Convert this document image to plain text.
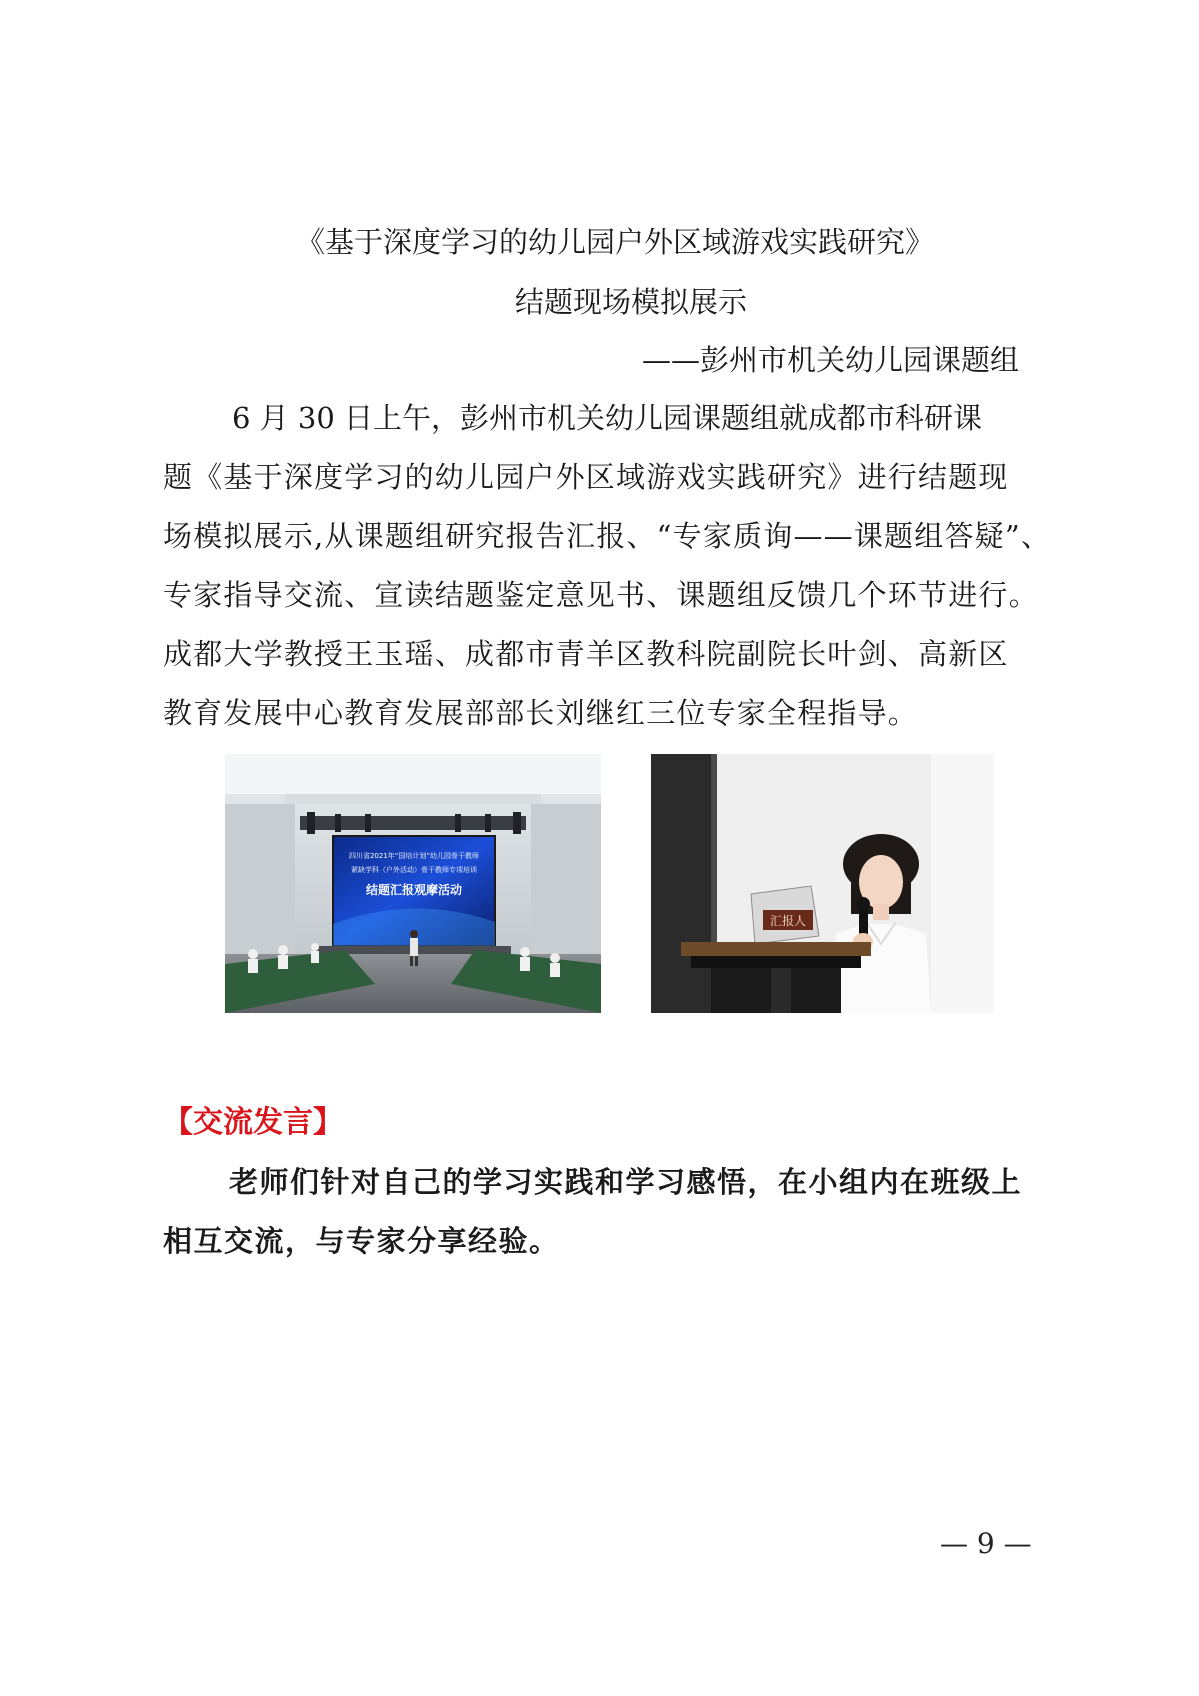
《基于深度学习的幼儿园户外区域游戏实践研究》
结题现场模拟展示
——彭州市机关幼儿园课题组
6 月 30 日上午，彭州市机关幼儿园课题组就成都市科研课
题《基于深度学习的幼儿园户外区域游戏实践研究》进行结题现
场模拟展示,从课题组研究报告汇报、“专家质询——课题组答疑”、
专家指导交流、宣读结题鉴定意见书、课题组反馈几个环节进行。
成都大学教授王玉瑶、成都市青羊区教科院副院长叶剑、高新区
教育发展中心教育发展部部长刘继红三位专家全程指导。
四川省2021年“国培计划”幼儿园骨干教师
紧缺学科（户外活动）骨干教师专项培训
结题汇报观摩活动
汇报人
【交流发言】
老师们针对自己的学习实践和学习感悟，在小组内在班级上
相互交流，与专家分享经验。
— 9 —
